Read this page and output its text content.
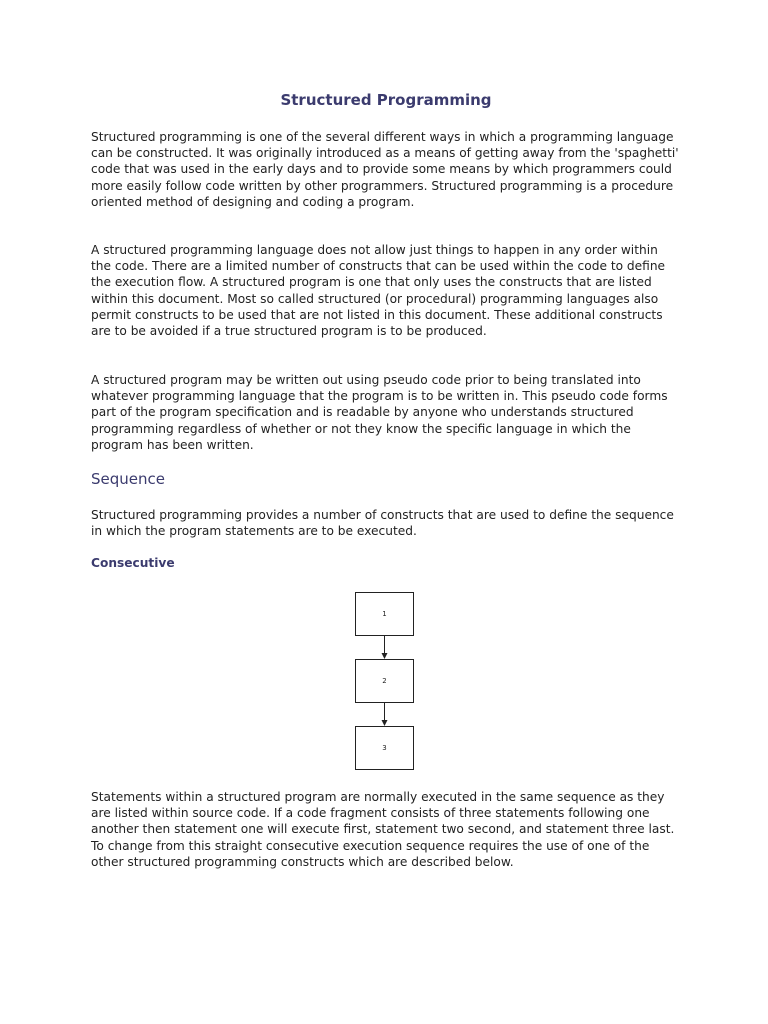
Structured Programming

Structured programming is one of the several different ways in which a programming language can be constructed. It was originally introduced as a means of getting away from the 'spaghetti' code that was used in the early days and to provide some means by which programmers could more easily follow code written by other programmers. Structured programming is a procedure oriented method of designing and coding a program.

A structured programming language does not allow just things to happen in any order within the code. There are a limited number of constructs that can be used within the code to define the execution flow. A structured program is one that only uses the constructs that are listed within this document. Most so called structured (or procedural) programming languages also permit constructs to be used that are not listed in this document. These additional constructs are to be avoided if a true structured program is to be produced.

A structured program may be written out using pseudo code prior to being translated into whatever programming language that the program is to be written in. This pseudo code forms part of the program specification and is readable by anyone who understands structured programming regardless of whether or not they know the specific language in which the program has been written.

Sequence

Structured programming provides a number of constructs that are used to define the sequence in which the program statements are to be executed.

Consecutive
1
2
3

Statements within a structured program are normally executed in the same sequence as they are listed within source code. If a code fragment consists of three statements following one another then statement one will execute first, statement two second, and statement three last. To change from this straight consecutive execution sequence requires the use of one of the other structured programming constructs which are described below.
